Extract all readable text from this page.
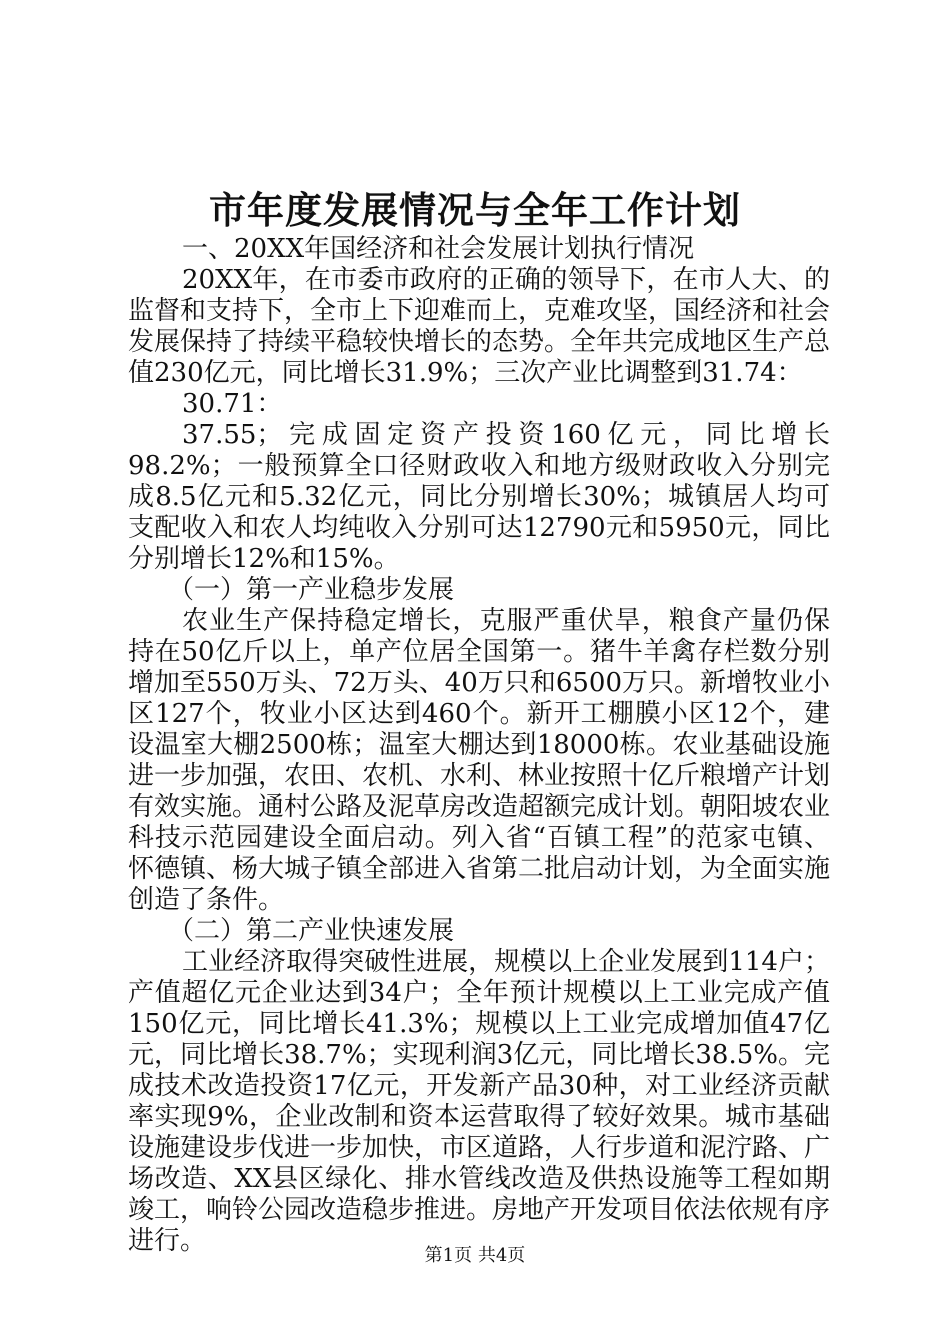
市年度发展情况与全年工作计划

一、20XX年国经济和社会发展计划执行情况

20XX年，在市委市政府的正确的领导下，在市人大、的监督和支持下，全市上下迎难而上，克难攻坚，国经济和社会发展保持了持续平稳较快增长的态势。全年共完成地区生产总值230亿元，同比增长31.9%；三次产业比调整到31.74：

30.71：

37.55；完成固定资产投资160亿元，同比增长98.2%；一般预算全口径财政收入和地方级财政收入分别完成8.5亿元和5.32亿元，同比分别增长30%；城镇居人均可支配收入和农人均纯收入分别可达12790元和5950元，同比分别增长12%和15%。

（一）第一产业稳步发展

农业生产保持稳定增长，克服严重伏旱，粮食产量仍保持在50亿斤以上，单产位居全国第一。猪牛羊禽存栏数分别增加至550万头、72万头、40万只和6500万只。新增牧业小区127个，牧业小区达到460个。新开工棚膜小区12个，建设温室大棚2500栋；温室大棚达到18000栋。农业基础设施进一步加强，农田、农机、水利、林业按照十亿斤粮增产计划有效实施。通村公路及泥草房改造超额完成计划。朝阳坡农业科技示范园建设全面启动。列入省“百镇工程”的范家屯镇、怀德镇、杨大城子镇全部进入省第二批启动计划，为全面实施创造了条件。

（二）第二产业快速发展

工业经济取得突破性进展，规模以上企业发展到114户；产值超亿元企业达到34户；全年预计规模以上工业完成产值150亿元，同比增长41.3%；规模以上工业完成增加值47亿元，同比增长38.7%；实现利润3亿元，同比增长38.5%。完成技术改造投资17亿元，开发新产品30种，对工业经济贡献率实现9%，企业改制和资本运营取得了较好效果。城市基础设施建设步伐进一步加快，市区道路，人行步道和泥泞路、广场改造、XX县区绿化、排水管线改造及供热设施等工程如期竣工，响铃公园改造稳步推进。房地产开发项目依法依规有序进行。	第1页 共4页
